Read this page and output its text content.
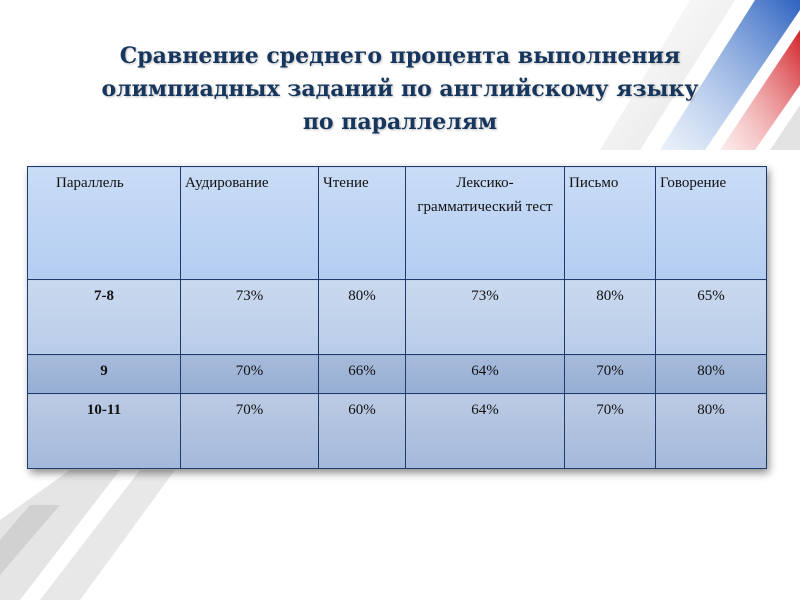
Сравнение среднего процента выполнения
олимпиадных заданий по английскому языку
по параллелям
Параллель	Аудирование	Чтение	Лексико-грамматический тест	Письмо	Говорение
7-8	73%	80%	73%	80%	65%
9	70%	66%	64%	70%	80%
10-11	70%	60%	64%	70%	80%
